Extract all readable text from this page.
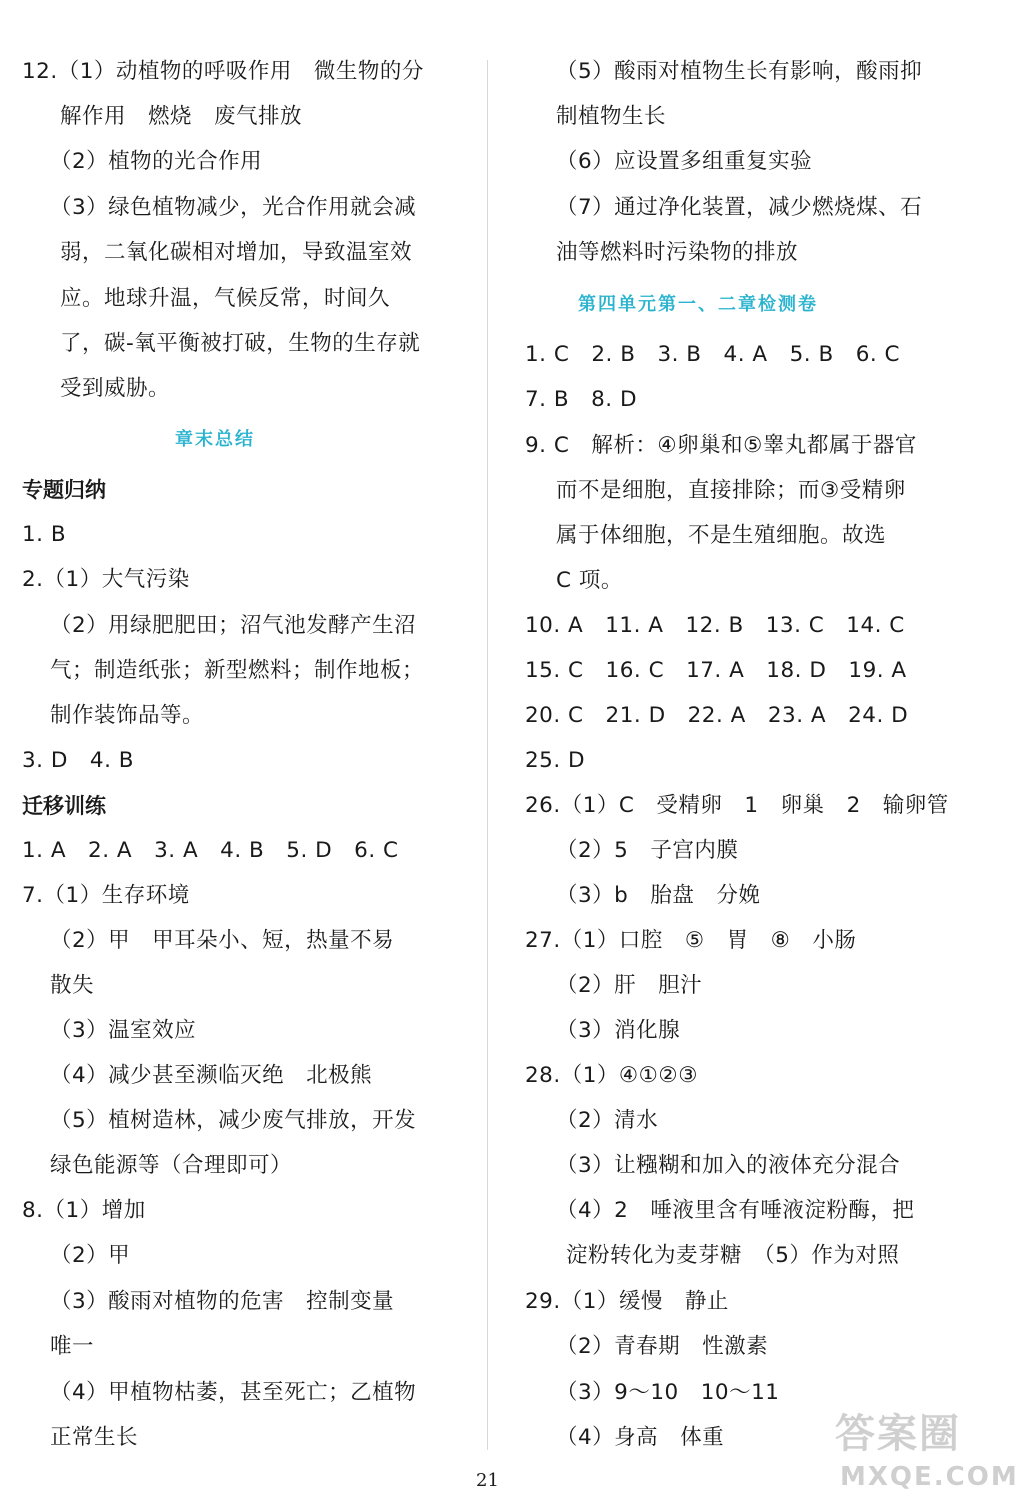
12.（1）动植物的呼吸作用　微生物的分
解作用　燃烧　废气排放
（2）植物的光合作用
（3）绿色植物减少，光合作用就会减
弱，二氧化碳相对增加，导致温室效
应。地球升温，气候反常，时间久
了，碳-氧平衡被打破，生物的生存就
受到威胁。
章末总结
专题归纳
1. B
2.（1）大气污染
（2）用绿肥肥田；沼气池发酵产生沼
气；制造纸张；新型燃料；制作地板；
制作装饰品等。
3. D　4. B
迁移训练
1. A　2. A　3. A　4. B　5. D　6. C
7.（1）生存环境
（2）甲　甲耳朵小、短，热量不易
散失
（3）温室效应
（4）减少甚至濒临灭绝　北极熊
（5）植树造林，减少废气排放，开发
绿色能源等（合理即可）
8.（1）增加
（2）甲
（3）酸雨对植物的危害　控制变量
唯一
（4）甲植物枯萎，甚至死亡；乙植物
正常生长
（5）酸雨对植物生长有影响，酸雨抑
制植物生长
（6）应设置多组重复实验
（7）通过净化装置，减少燃烧煤、石
油等燃料时污染物的排放
第四单元第一、二章检测卷
1. C　2. B　3. B　4. A　5. B　6. C
7. B　8. D
9. C　解析：④卵巢和⑤睾丸都属于器官
而不是细胞，直接排除；而③受精卵
属于体细胞，不是生殖细胞。故选
C 项。
10. A　11. A　12. B　13. C　14. C
15. C　16. C　17. A　18. D　19. A
20. C　21. D　22. A　23. A　24. D
25. D
26.（1）C　受精卵　1　卵巢　2　输卵管
（2）5　子宫内膜
（3）b　胎盘　分娩
27.（1）口腔　⑤　胃　⑧　小肠
（2）肝　胆汁
（3）消化腺
28.（1）④①②③
（2）清水
（3）让糨糊和加入的液体充分混合
（4）2　唾液里含有唾液淀粉酶，把
淀粉转化为麦芽糖　（5）作为对照
29.（1）缓慢　静止
（2）青春期　性激素
（3）9～10　10～11
（4）身高　体重
21
答案圈
MXQE.COM
